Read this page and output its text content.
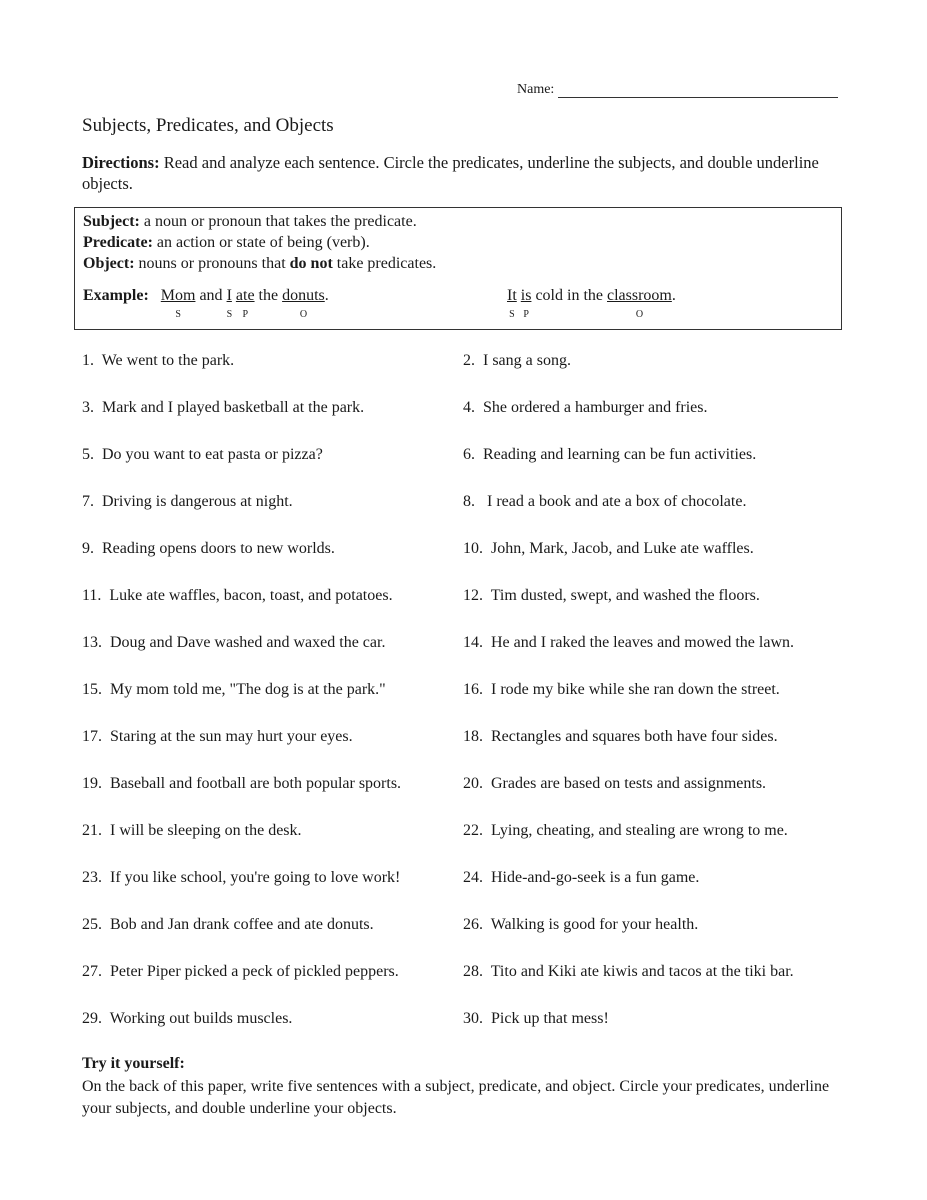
Name:
Subjects, Predicates, and Objects
Directions: Read and analyze each sentence. Circle the predicates, underline the subjects, and double underline objects.
Subject: a noun or pronoun that takes the predicate.
Predicate: an action or state of being (verb).
Object: nouns or pronouns that do not take predicates.
Example: Mom
S
and I
S
ate
P
the donuts
O
.	It
S
is
P
cold in the classroom
O
.
1.  We went to the park.	2.  I sang a song.
3.  Mark and I played basketball at the park.	4.  She ordered a hamburger and fries.
5.  Do you want to eat pasta or pizza?	6.  Reading and learning can be fun activities.
7.  Driving is dangerous at night.	8.   I read a book and ate a box of chocolate.
9.  Reading opens doors to new worlds.	10.  John, Mark, Jacob, and Luke ate waffles.
11.  Luke ate waffles, bacon, toast, and potatoes.	12.  Tim dusted, swept, and washed the floors.
13.  Doug and Dave washed and waxed the car.	14.  He and I raked the leaves and mowed the lawn.
15.  My mom told me, "The dog is at the park."	16.  I rode my bike while she ran down the street.
17.  Staring at the sun may hurt your eyes.	18.  Rectangles and squares both have four sides.
19.  Baseball and football are both popular sports.	20.  Grades are based on tests and assignments.
21.  I will be sleeping on the desk.	22.  Lying, cheating, and stealing are wrong to me.
23.  If you like school, you're going to love work!	24.  Hide-and-go-seek is a fun game.
25.  Bob and Jan drank coffee and ate donuts.	26.  Walking is good for your health.
27.  Peter Piper picked a peck of pickled peppers.	28.  Tito and Kiki ate kiwis and tacos at the tiki bar.
29.  Working out builds muscles.	30.  Pick up that mess!
Try it yourself:
On the back of this paper, write five sentences with a subject, predicate, and object. Circle your predicates, underline your subjects, and double underline your objects.
